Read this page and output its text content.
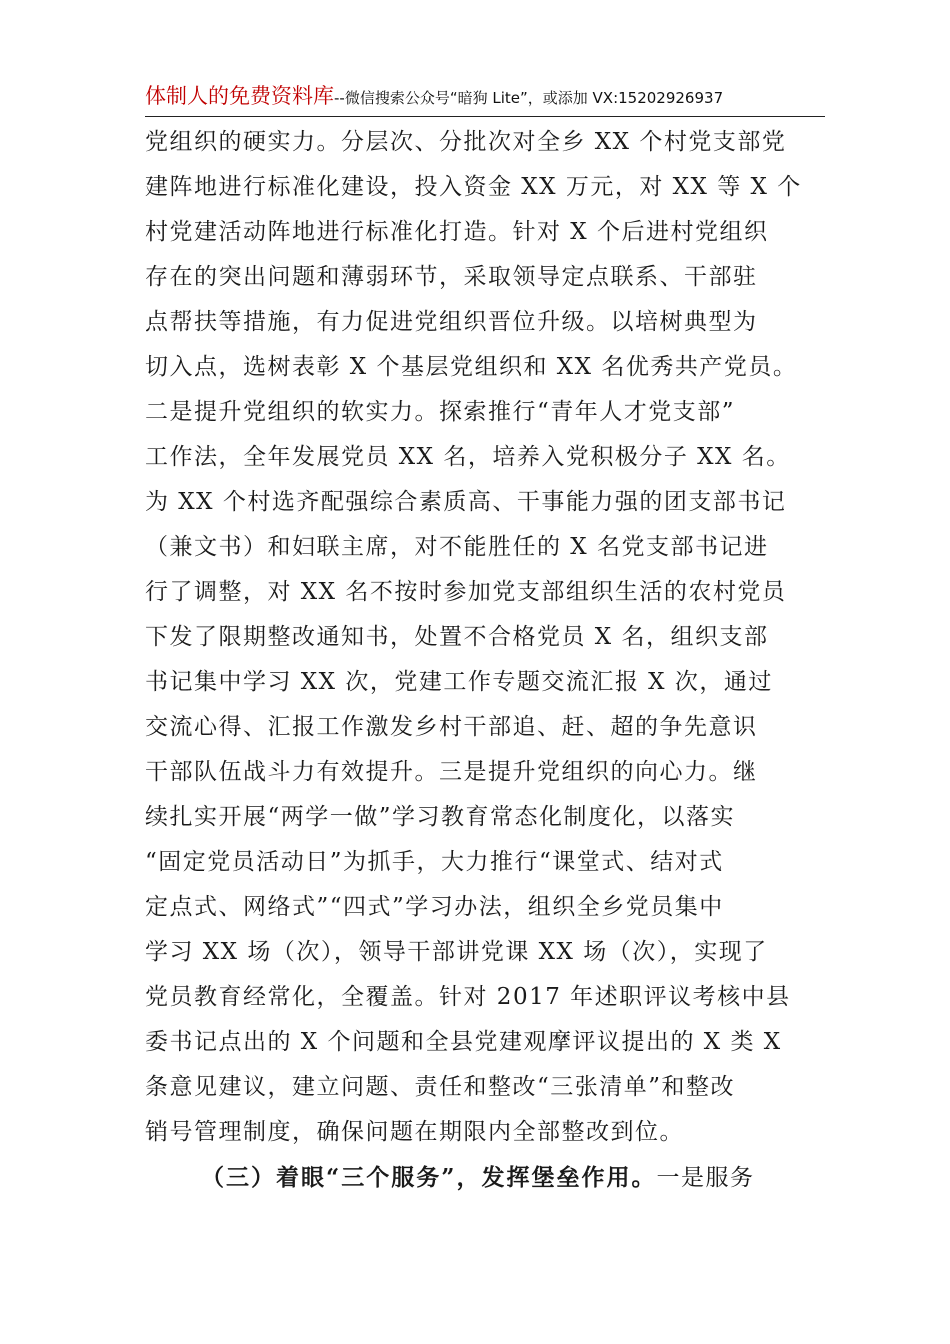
体制人的免费资料库--微信搜索公众号“暗狗 Lite”，或添加 VX:15202926937
党组织的硬实力。分层次、分批次对全乡 XX 个村党支部党
建阵地进行标准化建设，投入资金 XX 万元，对 XX 等 X 个
村党建活动阵地进行标准化打造。针对 X 个后进村党组织
存在的突出问题和薄弱环节，采取领导定点联系、干部驻
点帮扶等措施，有力促进党组织晋位升级。以培树典型为
切入点，选树表彰 X 个基层党组织和 XX 名优秀共产党员。
二是提升党组织的软实力。探索推行“青年人才党支部”
工作法，全年发展党员 XX 名，培养入党积极分子 XX 名。
为 XX 个村选齐配强综合素质高、干事能力强的团支部书记
（兼文书）和妇联主席，对不能胜任的 X 名党支部书记进
行了调整，对 XX 名不按时参加党支部组织生活的农村党员
下发了限期整改通知书，处置不合格党员 X 名，组织支部
书记集中学习 XX 次，党建工作专题交流汇报 X 次，通过
交流心得、汇报工作激发乡村干部追、赶、超的争先意识
干部队伍战斗力有效提升。三是提升党组织的向心力。继
续扎实开展“两学一做”学习教育常态化制度化，以落实
“固定党员活动日”为抓手，大力推行“课堂式、结对式
定点式、网络式”“四式”学习办法，组织全乡党员集中
学习 XX 场（次），领导干部讲党课 XX 场（次），实现了
党员教育经常化，全覆盖。针对 2017 年述职评议考核中县
委书记点出的 X 个问题和全县党建观摩评议提出的 X 类 X
条意见建议，建立问题、责任和整改“三张清单”和整改
销号管理制度，确保问题在期限内全部整改到位。
（三）着眼“三个服务”，发挥堡垒作用。一是服务
